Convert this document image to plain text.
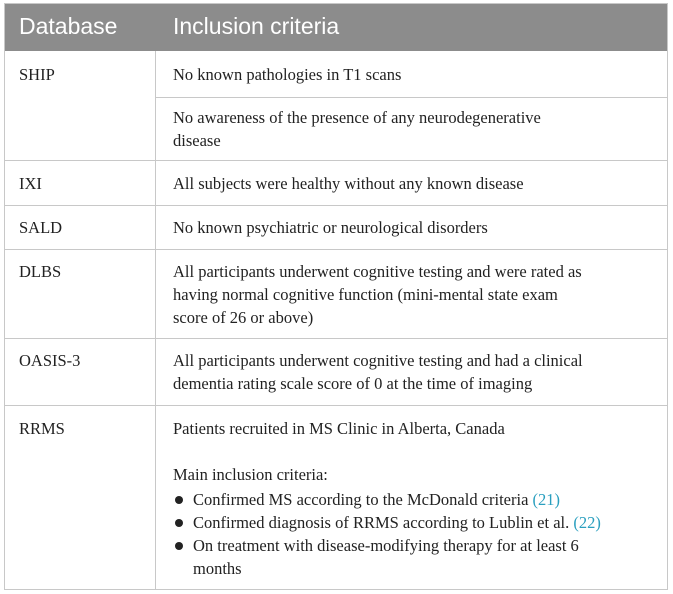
Database Inclusion criteria
SHIP	No known pathologies in T1 scans
No awareness of the presence of any neurodegenerative
disease
IXI	All subjects were healthy without any known disease
SALD	No known psychiatric or neurological disorders
DLBS	All participants underwent cognitive testing and were rated as
having normal cognitive function (mini-mental state exam
score of 26 or above)
OASIS-3	All participants underwent cognitive testing and had a clinical
dementia rating scale score of 0 at the time of imaging
RRMS	Patients recruited in MS Clinic in Alberta, Canada
Main inclusion criteria:
Confirmed MS according to the McDonald criteria (21)
Confirmed diagnosis of RRMS according to Lublin et al. (22)
On treatment with disease-modifying therapy for at least 6
months
